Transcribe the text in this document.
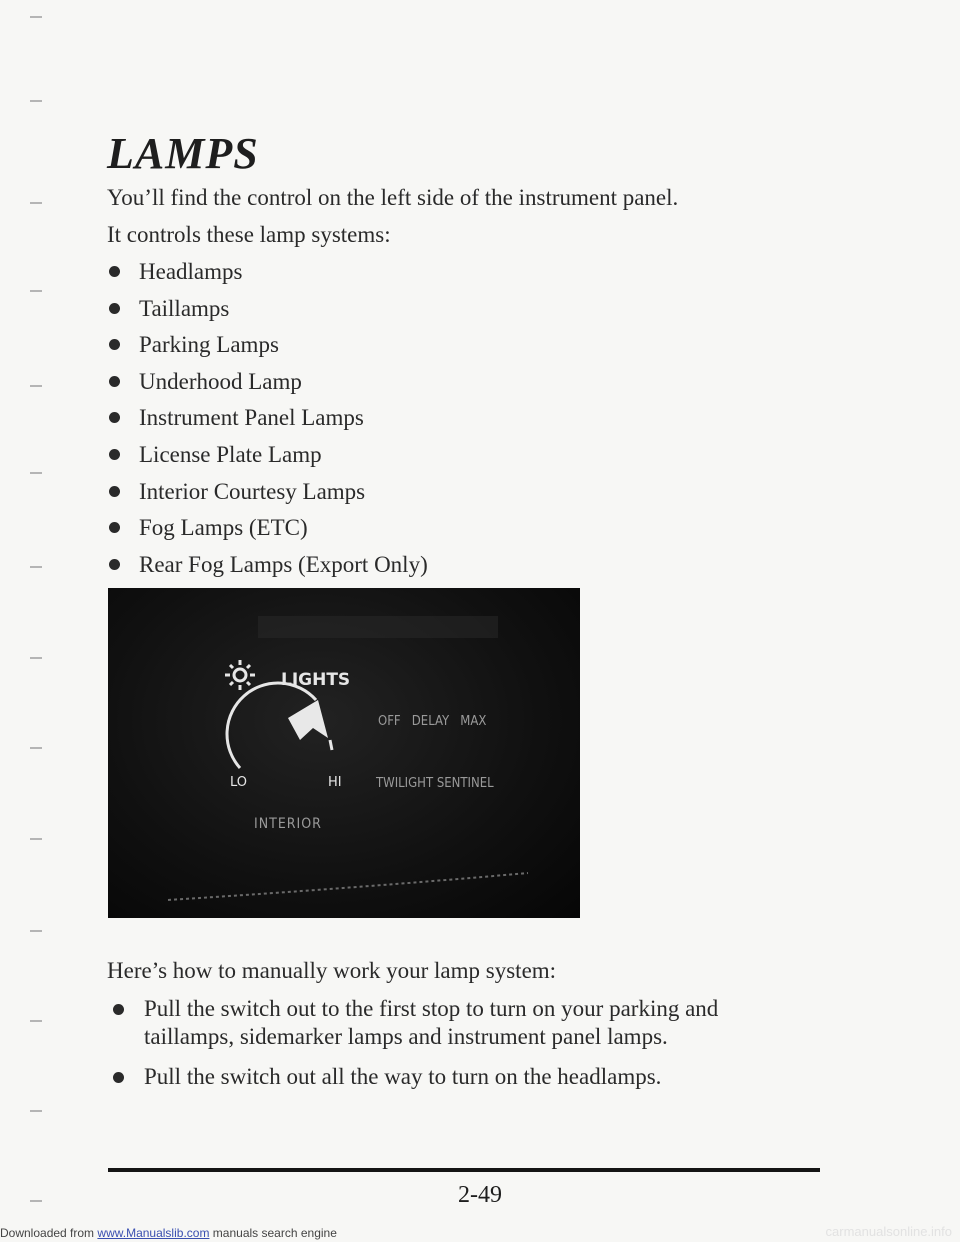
LAMPS

You’ll find the control on the left side of the instrument panel.

It controls these lamp systems:

Headlamps
Taillamps
Parking Lamps
Underhood Lamp
Instrument Panel Lamps
License Plate Lamp
Interior Courtesy Lamps
Fog Lamps (ETC)
Rear Fog Lamps (Export Only)
LIGHTS
LO	HI
INTERIOR
OFF   DELAY   MAX
TWILIGHT SENTINEL

Here’s how to manually work your lamp system:

Pull the switch out to the first stop to turn on your parking and taillamps, sidemarker lamps and instrument panel lamps.
Pull the switch out all the way to turn on the headlamps.

2-49

Downloaded from www.Manualslib.com manuals search engine	carmanualsonline.info
